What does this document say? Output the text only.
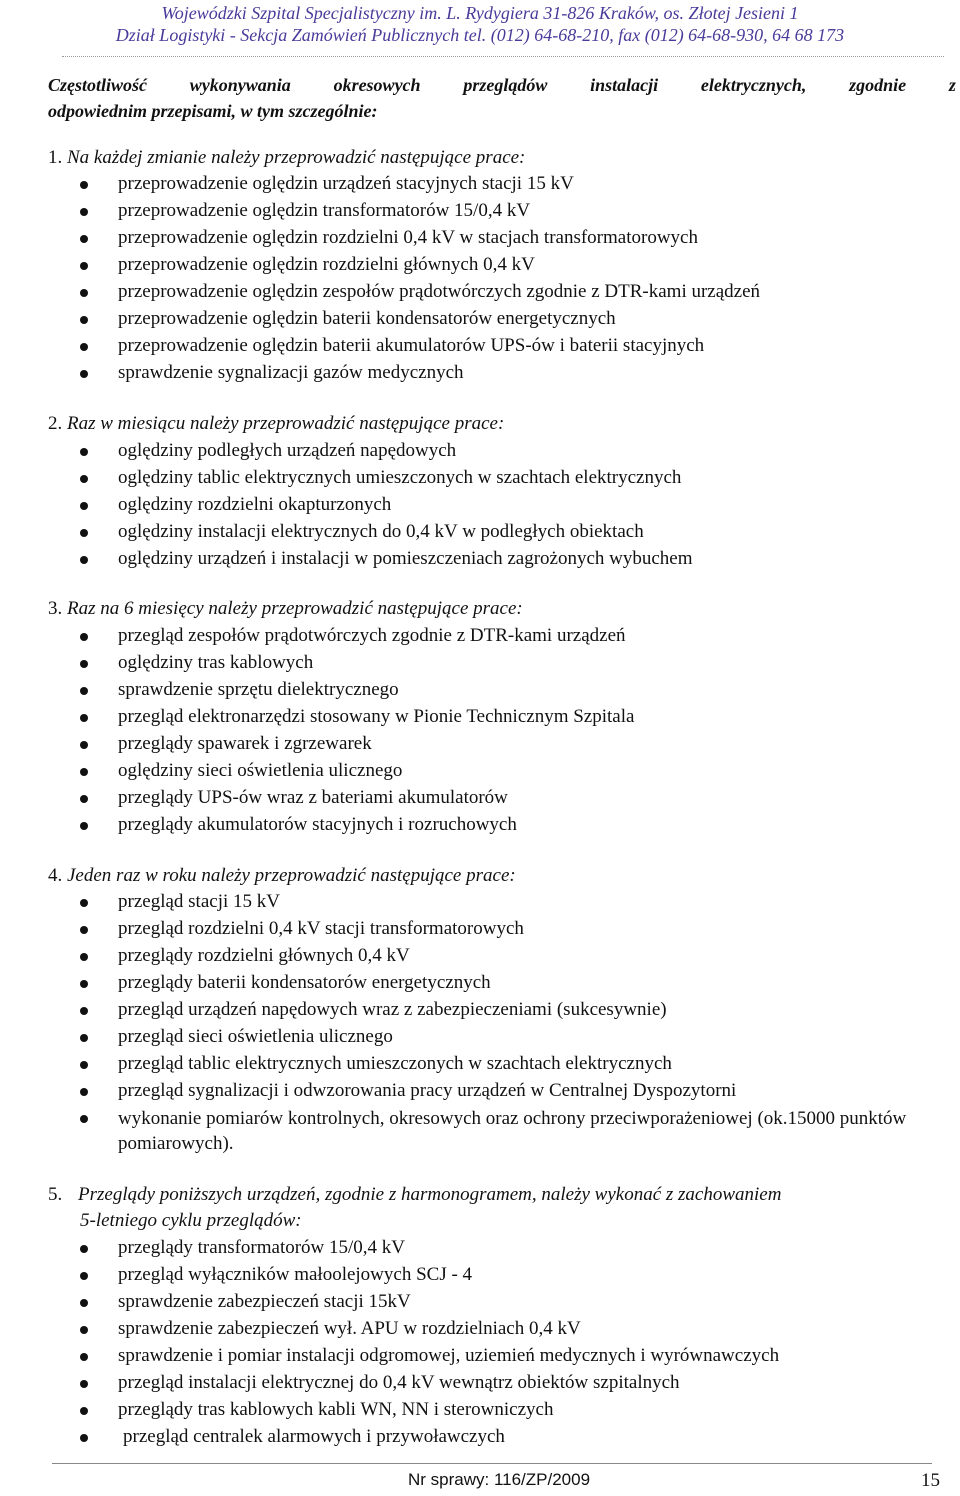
Wojewódzki Szpital Specjalistyczny im. L. Rydygiera 31-826 Kraków, os. Złotej Jesieni 1
Dział Logistyki - Sekcja Zamówień Publicznych tel. (012) 64-68-210, fax (012) 64-68-930, 64 68 173
Częstotliwość wykonywania okresowych przeglądów instalacji elektrycznych, zgodnie z
odpowiednim przepisami, w tym szczególnie:
1. Na każdej zmianie należy przeprowadzić następujące prace:
przeprowadzenie oględzin urządzeń stacyjnych stacji 15 kV
przeprowadzenie oględzin transformatorów 15/0,4 kV
przeprowadzenie oględzin rozdzielni 0,4 kV w stacjach transformatorowych
przeprowadzenie oględzin rozdzielni głównych 0,4 kV
przeprowadzenie oględzin zespołów prądotwórczych zgodnie z DTR-kami urządzeń
przeprowadzenie oględzin baterii kondensatorów energetycznych
przeprowadzenie oględzin baterii akumulatorów UPS-ów i baterii stacyjnych
sprawdzenie sygnalizacji gazów medycznych
2. Raz w miesiącu należy przeprowadzić następujące prace:
oględziny podległych urządzeń napędowych
oględziny tablic elektrycznych umieszczonych w szachtach elektrycznych
oględziny rozdzielni okapturzonych
oględziny instalacji elektrycznych do 0,4 kV w podległych obiektach
oględziny urządzeń i instalacji w pomieszczeniach zagrożonych wybuchem
3. Raz na 6 miesięcy należy przeprowadzić następujące prace:
przegląd zespołów prądotwórczych zgodnie z DTR-kami urządzeń
oględziny tras kablowych
sprawdzenie sprzętu dielektrycznego
przegląd elektronarzędzi stosowany w Pionie Technicznym Szpitala
przeglądy spawarek i zgrzewarek
oględziny sieci oświetlenia ulicznego
przeglądy UPS-ów wraz z bateriami akumulatorów
przeglądy akumulatorów stacyjnych i rozruchowych
4. Jeden raz w roku należy przeprowadzić następujące prace:
przegląd stacji 15 kV
przegląd rozdzielni 0,4 kV stacji transformatorowych
przeglądy rozdzielni głównych 0,4 kV
przeglądy baterii kondensatorów energetycznych
przegląd urządzeń napędowych wraz z zabezpieczeniami (sukcesywnie)
przegląd sieci oświetlenia ulicznego
przegląd tablic elektrycznych umieszczonych w szachtach elektrycznych
przegląd sygnalizacji i odwzorowania pracy urządzeń w Centralnej Dyspozytorni
wykonanie pomiarów kontrolnych, okresowych oraz ochrony przeciwporażeniowej (ok.15000 punktów pomiarowych).
5. Przeglądy poniższych urządzeń, zgodnie z harmonogramem, należy wykonać z zachowaniem
5-letniego cyklu przeglądów:
przeglądy transformatorów 15/0,4 kV
przegląd wyłączników małoolejowych SCJ - 4
sprawdzenie zabezpieczeń stacji 15kV
sprawdzenie zabezpieczeń wył. APU w rozdzielniach 0,4 kV
sprawdzenie i pomiar instalacji odgromowej, uziemień medycznych i wyrównawczych
przegląd instalacji elektrycznej do 0,4 kV wewnątrz obiektów szpitalnych
przeglądy tras kablowych kabli WN, NN i sterowniczych
przegląd centralek alarmowych i przywoławczych
Nr sprawy: 116/ZP/2009	15
